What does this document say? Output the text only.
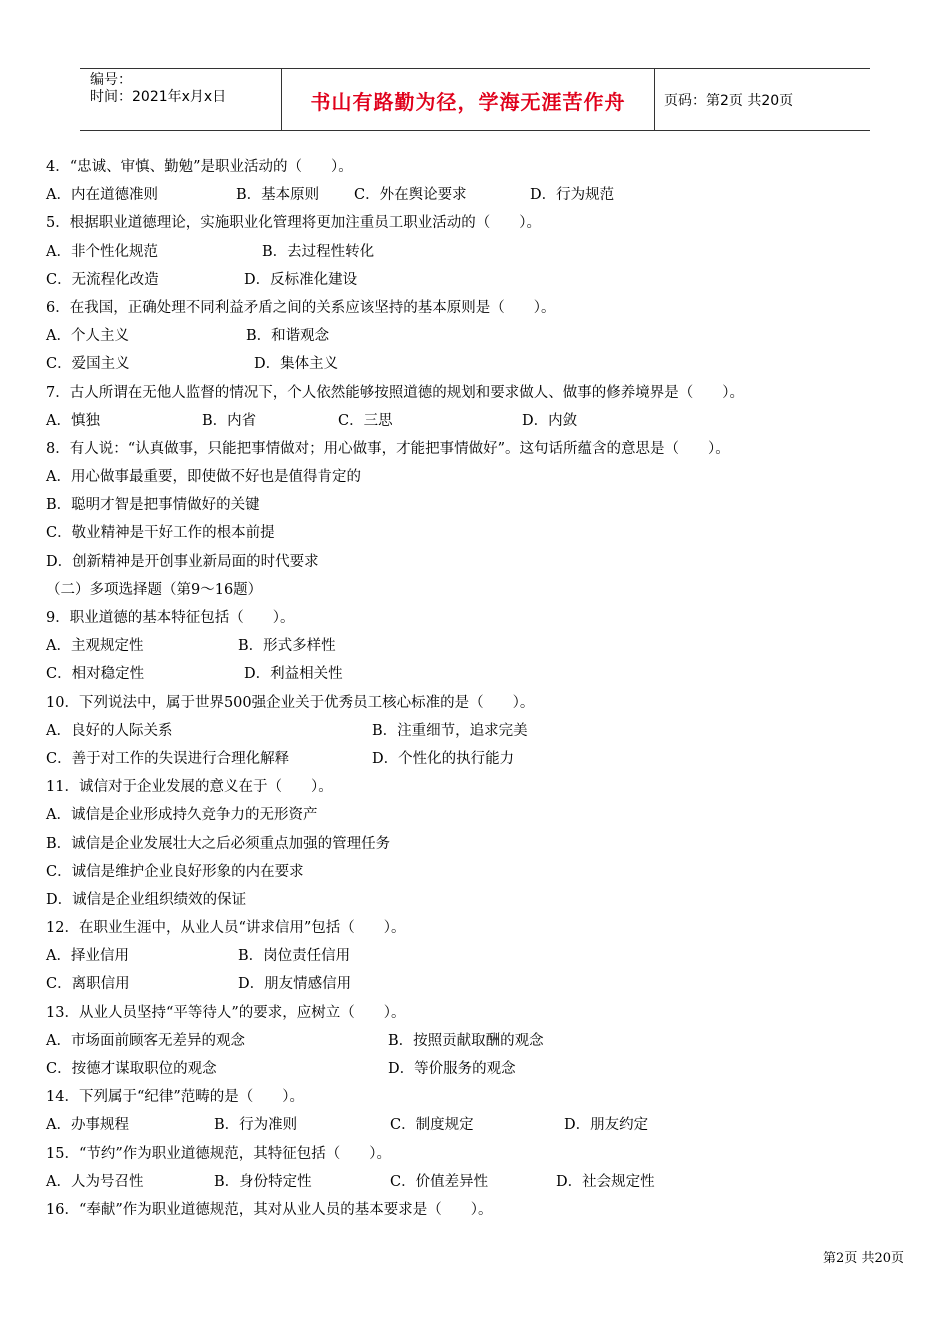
编号：
时间：2021年x月x日	书山有路勤为径，学海无涯苦作舟	页码：第2页 共20页
4．“忠诚、审慎、勤勉”是职业活动的（　　）。
A．内在道德准则	B．基本原则 C．外在舆论要求	D．行为规范
5．根据职业道德理论，实施职业化管理将更加注重员工职业活动的（　　）。
A．非个性化规范	B．去过程性转化
C．无流程化改造	D．反标准化建设
6．在我国，正确处理不同利益矛盾之间的关系应该坚持的基本原则是（　　）。
A．个人主义	B．和谐观念
C．爱国主义	D．集体主义
7．古人所谓在无他人监督的情况下，个人依然能够按照道德的规划和要求做人、做事的修养境界是（　　）。
A．慎独	B．内省	C．三思	D．内敛
8．有人说：“认真做事，只能把事情做对；用心做事，才能把事情做好”。这句话所蕴含的意思是（　　）。
A．用心做事最重要，即使做不好也是值得肯定的
B．聪明才智是把事情做好的关键
C．敬业精神是干好工作的根本前提
D．创新精神是开创事业新局面的时代要求
（二）多项选择题（第9～16题）
9．职业道德的基本特征包括（　　）。
A．主观规定性	B．形式多样性
C．相对稳定性	D．利益相关性
10．下列说法中，属于世界500强企业关于优秀员工核心标准的是（　　）。
A．良好的人际关系	B．注重细节，追求完美
C．善于对工作的失误进行合理化解释	D．个性化的执行能力
11．诚信对于企业发展的意义在于（　　）。
A．诚信是企业形成持久竞争力的无形资产
B．诚信是企业发展壮大之后必须重点加强的管理任务
C．诚信是维护企业良好形象的内在要求
D．诚信是企业组织绩效的保证
12．在职业生涯中，从业人员“讲求信用”包括（　　）。
A．择业信用	B．岗位责任信用
C．离职信用	D．朋友情感信用
13．从业人员坚持“平等待人”的要求，应树立（　　）。
A．市场面前顾客无差异的观念	B．按照贡献取酬的观念
C．按德才谋取职位的观念	D．等价服务的观念
14．下列属于“纪律”范畴的是（　　）。
A．办事规程	B．行为准则	C．制度规定	D．朋友约定
15．“节约”作为职业道德规范，其特征包括（　　）。
A．人为号召性	B．身份特定性	C．价值差异性	D．社会规定性
16．“奉献”作为职业道德规范，其对从业人员的基本要求是（　　）。
第2页 共20页
